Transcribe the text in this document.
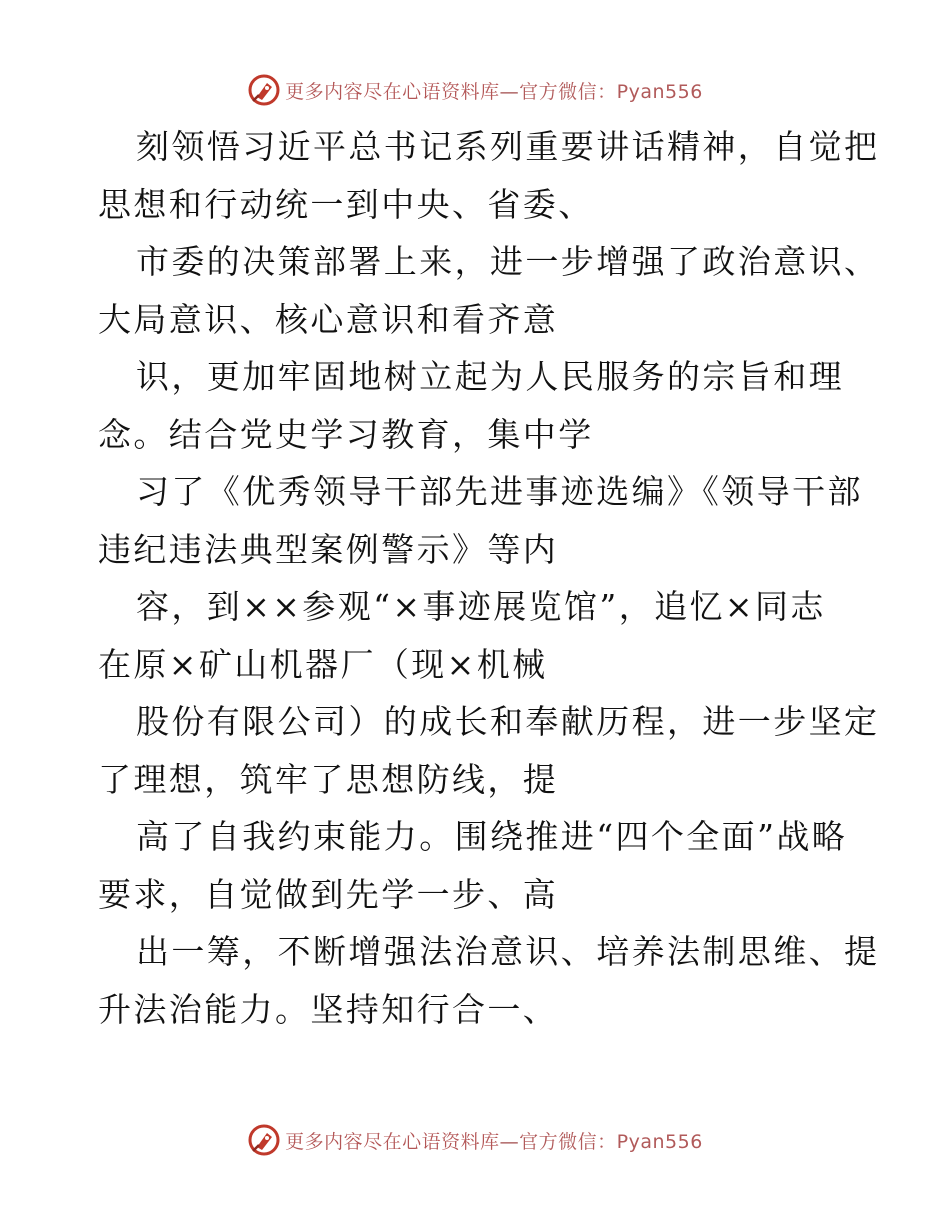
更多内容尽在心语资料库—官方微信：Pyan556
刻领悟习近平总书记系列重要讲话精神，自觉把
思想和行动统一到中央、省委、
市委的决策部署上来，进一步增强了政治意识、
大局意识、核心意识和看齐意
识，更加牢固地树立起为人民服务的宗旨和理
念。结合党史学习教育，集中学
习了《优秀领导干部先进事迹选编》《领导干部
违纪违法典型案例警示》等内
容，到××参观“×事迹展览馆”，追忆×同志
在原×矿山机器厂（现×机械
股份有限公司）的成长和奉献历程，进一步坚定
了理想，筑牢了思想防线，提
高了自我约束能力。围绕推进“四个全面”战略
要求，自觉做到先学一步、高
出一筹，不断增强法治意识、培养法制思维、提
升法治能力。坚持知行合一、
更多内容尽在心语资料库—官方微信：Pyan556
